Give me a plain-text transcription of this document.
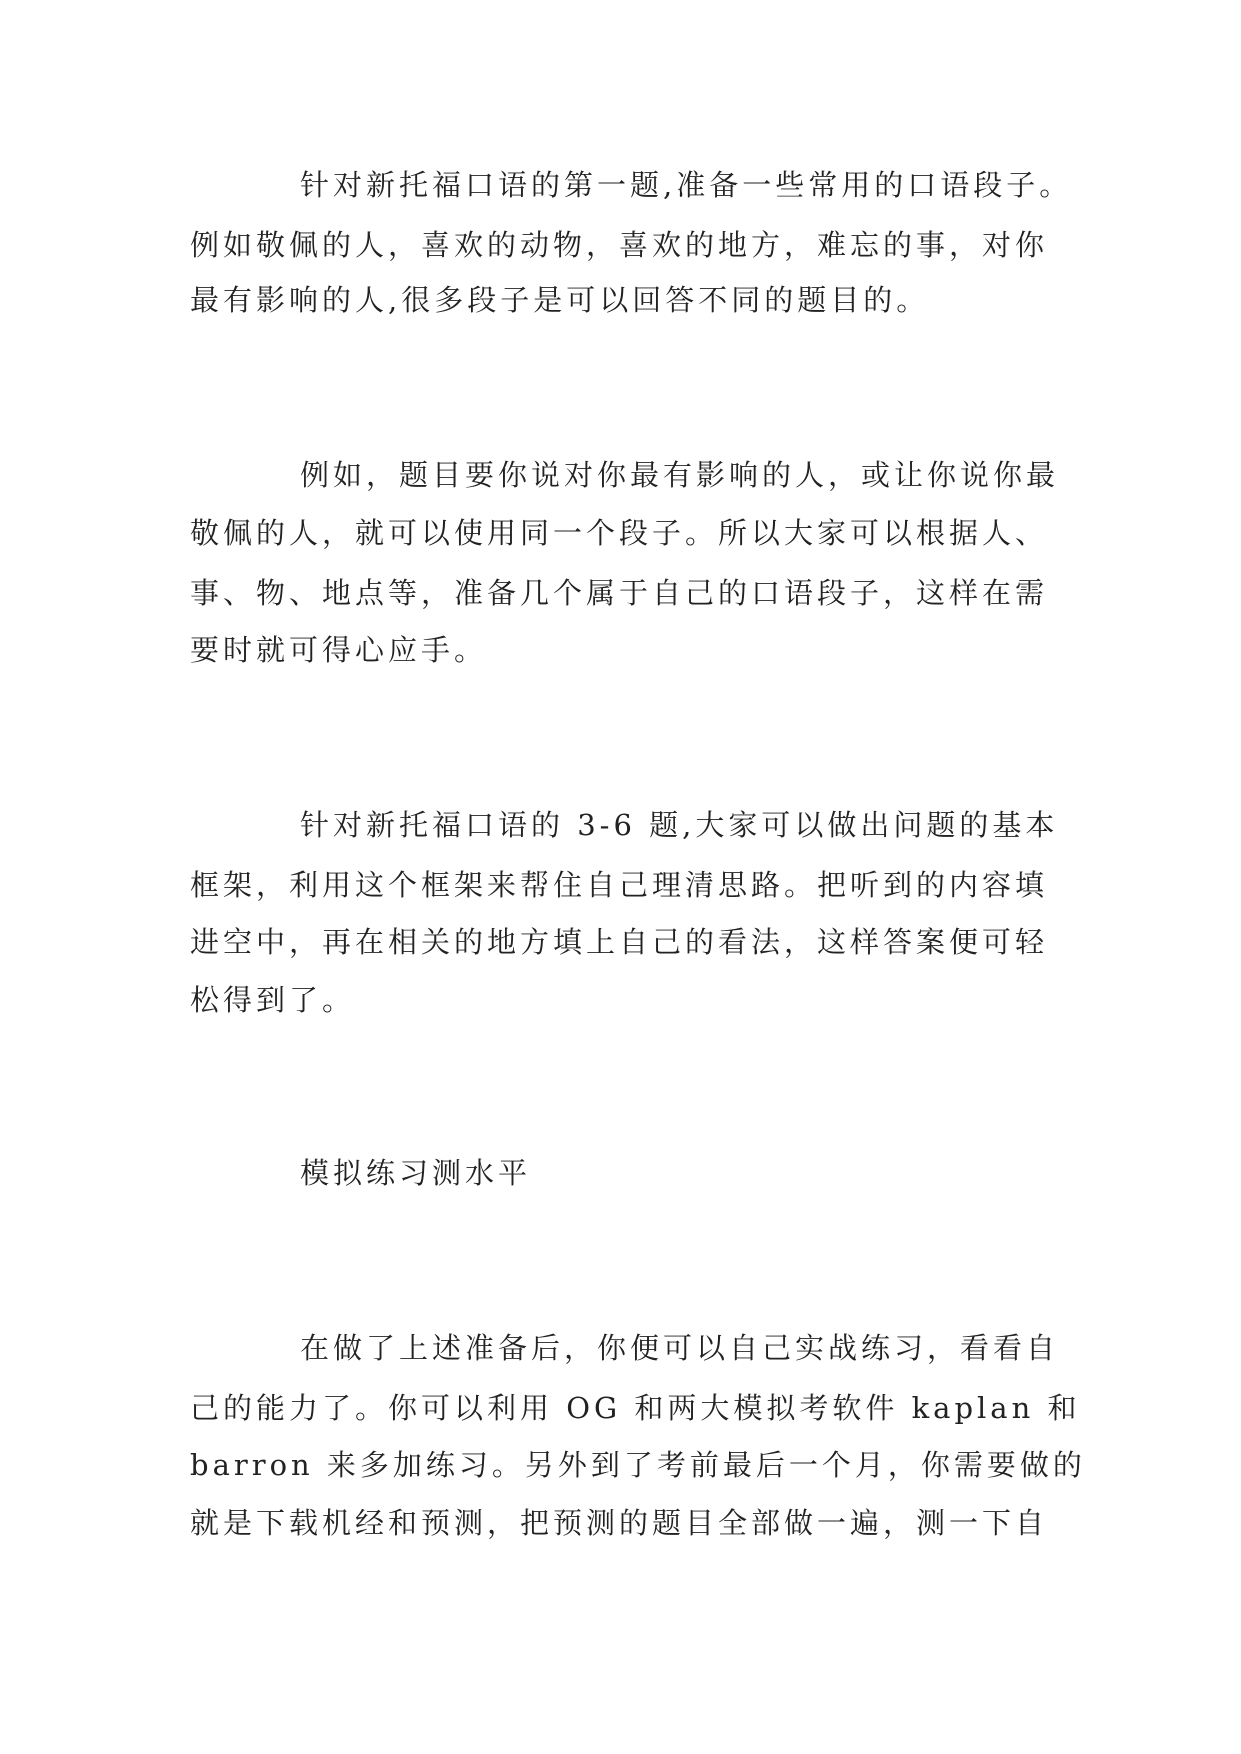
针对新托福口语的第一题,准备一些常用的口语段子。

例如敬佩的人，喜欢的动物，喜欢的地方，难忘的事，对你

最有影响的人,很多段子是可以回答不同的题目的。

例如，题目要你说对你最有影响的人，或让你说你最

敬佩的人，就可以使用同一个段子。所以大家可以根据人、

事、物、地点等，准备几个属于自己的口语段子，这样在需

要时就可得心应手。

针对新托福口语的 3-6 题,大家可以做出问题的基本

框架，利用这个框架来帮住自己理清思路。把听到的内容填

进空中，再在相关的地方填上自己的看法，这样答案便可轻

松得到了。

模拟练习测水平

在做了上述准备后，你便可以自己实战练习，看看自

己的能力了。你可以利用 OG 和两大模拟考软件 kaplan 和

barron 来多加练习。另外到了考前最后一个月，你需要做的

就是下载机经和预测，把预测的题目全部做一遍，测一下自
